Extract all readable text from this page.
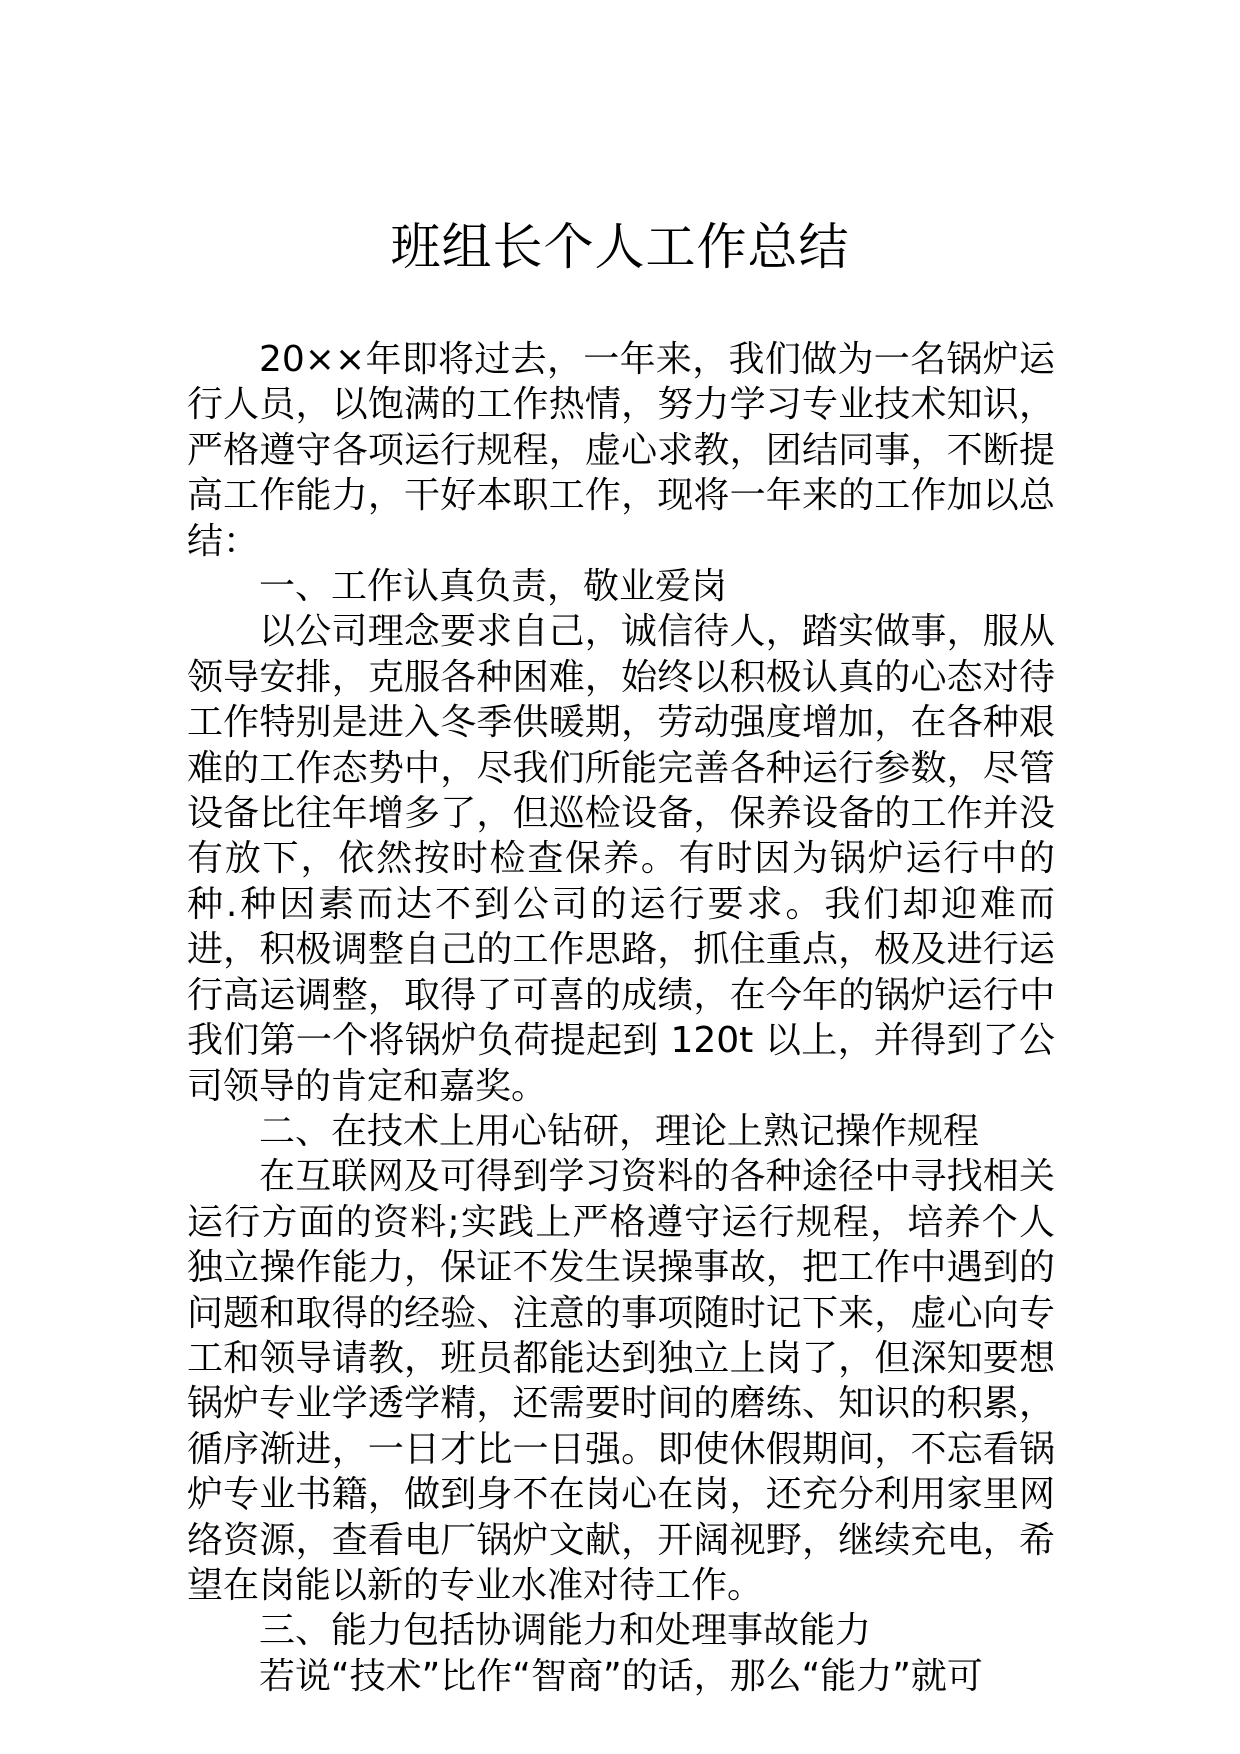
班组长个人工作总结

20××年即将过去，一年来，我们做为一名锅炉运行人员，以饱满的工作热情，努力学习专业技术知识，严格遵守各项运行规程，虚心求教，团结同事，不断提高工作能力，干好本职工作，现将一年来的工作加以总结：

一、工作认真负责，敬业爱岗

以公司理念要求自己，诚信待人，踏实做事，服从领导安排，克服各种困难，始终以积极认真的心态对待工作特别是进入冬季供暖期，劳动强度增加，在各种艰难的工作态势中，尽我们所能完善各种运行参数，尽管设备比往年增多了，但巡检设备，保养设备的工作并没有放下，依然按时检查保养。有时因为锅炉运行中的种.种因素而达不到公司的运行要求。我们却迎难而进，积极调整自己的工作思路，抓住重点，极及进行运行高运调整，取得了可喜的成绩，在今年的锅炉运行中我们第一个将锅炉负荷提起到 120t 以上，并得到了公司领导的肯定和嘉奖。

二、在技术上用心钻研，理论上熟记操作规程

在互联网及可得到学习资料的各种途径中寻找相关运行方面的资料;实践上严格遵守运行规程，培养个人独立操作能力，保证不发生误操事故，把工作中遇到的问题和取得的经验、注意的事项随时记下来，虚心向专工和领导请教，班员都能达到独立上岗了，但深知要想锅炉专业学透学精，还需要时间的磨练、知识的积累，循序渐进，一日才比一日强。即使休假期间，不忘看锅炉专业书籍，做到身不在岗心在岗，还充分利用家里网络资源，查看电厂锅炉文献，开阔视野，继续充电，希望在岗能以新的专业水准对待工作。

三、能力包括协调能力和处理事故能力

若说“技术”比作“智商”的话，那么“能力”就可
